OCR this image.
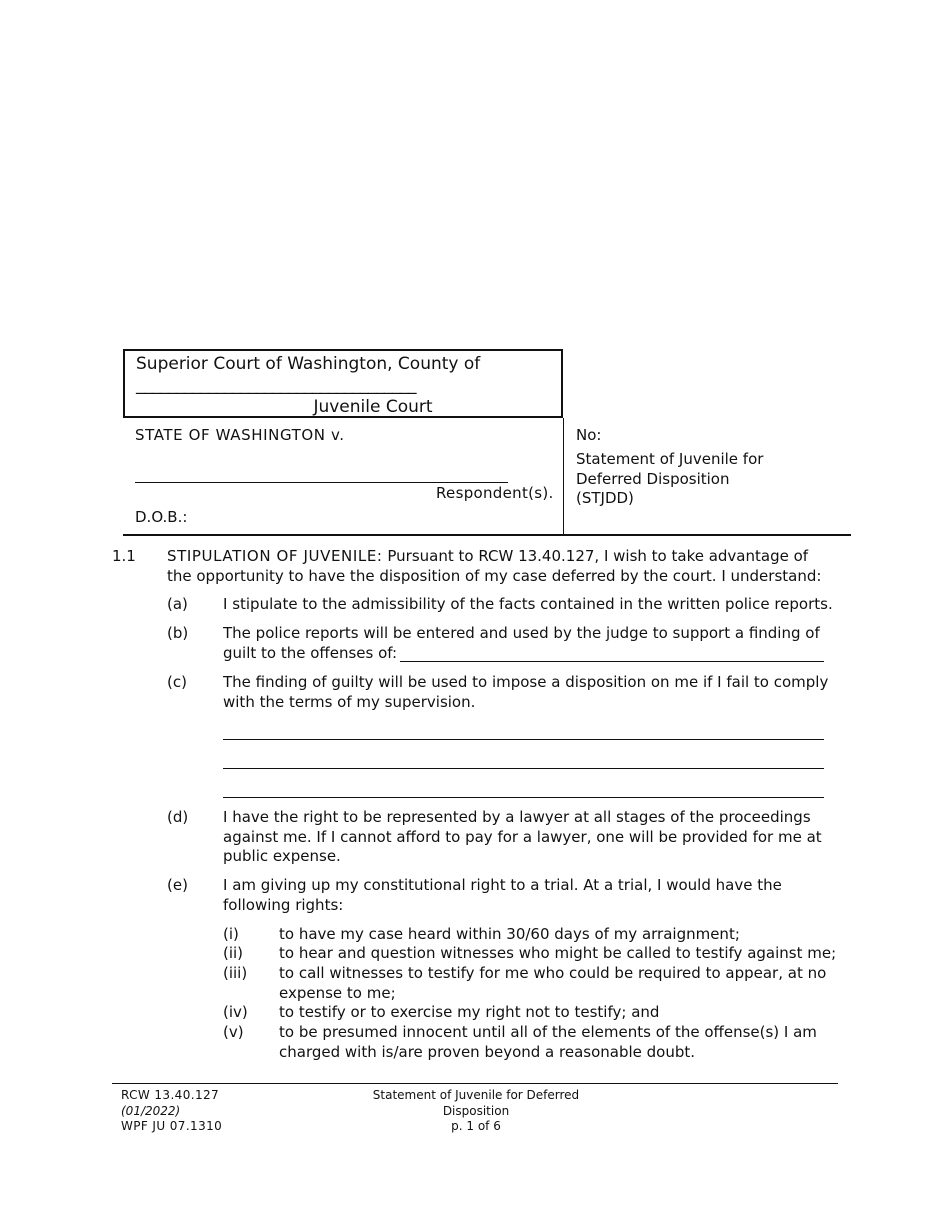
Superior Court of Washington, County of
___________________________________
Juvenile Court
STATE OF WASHINGTON v.
Respondent(s).
D.O.B.:
No:
Statement of Juvenile for
Deferred Disposition
(STJDD)
1.1 STIPULATION OF JUVENILE: Pursuant to RCW 13.40.127, I wish to take advantage of
the opportunity to have the disposition of my case deferred by the court. I understand:
(a) I stipulate to the admissibility of the facts contained in the written police reports.
(b) The police reports will be entered and used by the judge to support a finding of
guilt to the offenses of:
(c) The finding of guilty will be used to impose a disposition on me if I fail to comply
with the terms of my supervision.
(d) I have the right to be represented by a lawyer at all stages of the proceedings
against me. If I cannot afford to pay for a lawyer, one will be provided for me at
public expense.
(e) I am giving up my constitutional right to a trial. At a trial, I would have the
following rights:
(i)	to have my case heard within 30/60 days of my arraignment;
(ii) to hear and question witnesses who might be called to testify against me;
(iii) to call witnesses to testify for me who could be required to appear, at no
expense to me;
(iv) to testify or to exercise my right not to testify; and
(v) to be presumed innocent until all of the elements of the offense(s) I am
charged with is/are proven beyond a reasonable doubt.
RCW 13.40.127
(01/2022)
WPF JU 07.1310
Statement of Juvenile for Deferred
Disposition
p. 1 of 6
